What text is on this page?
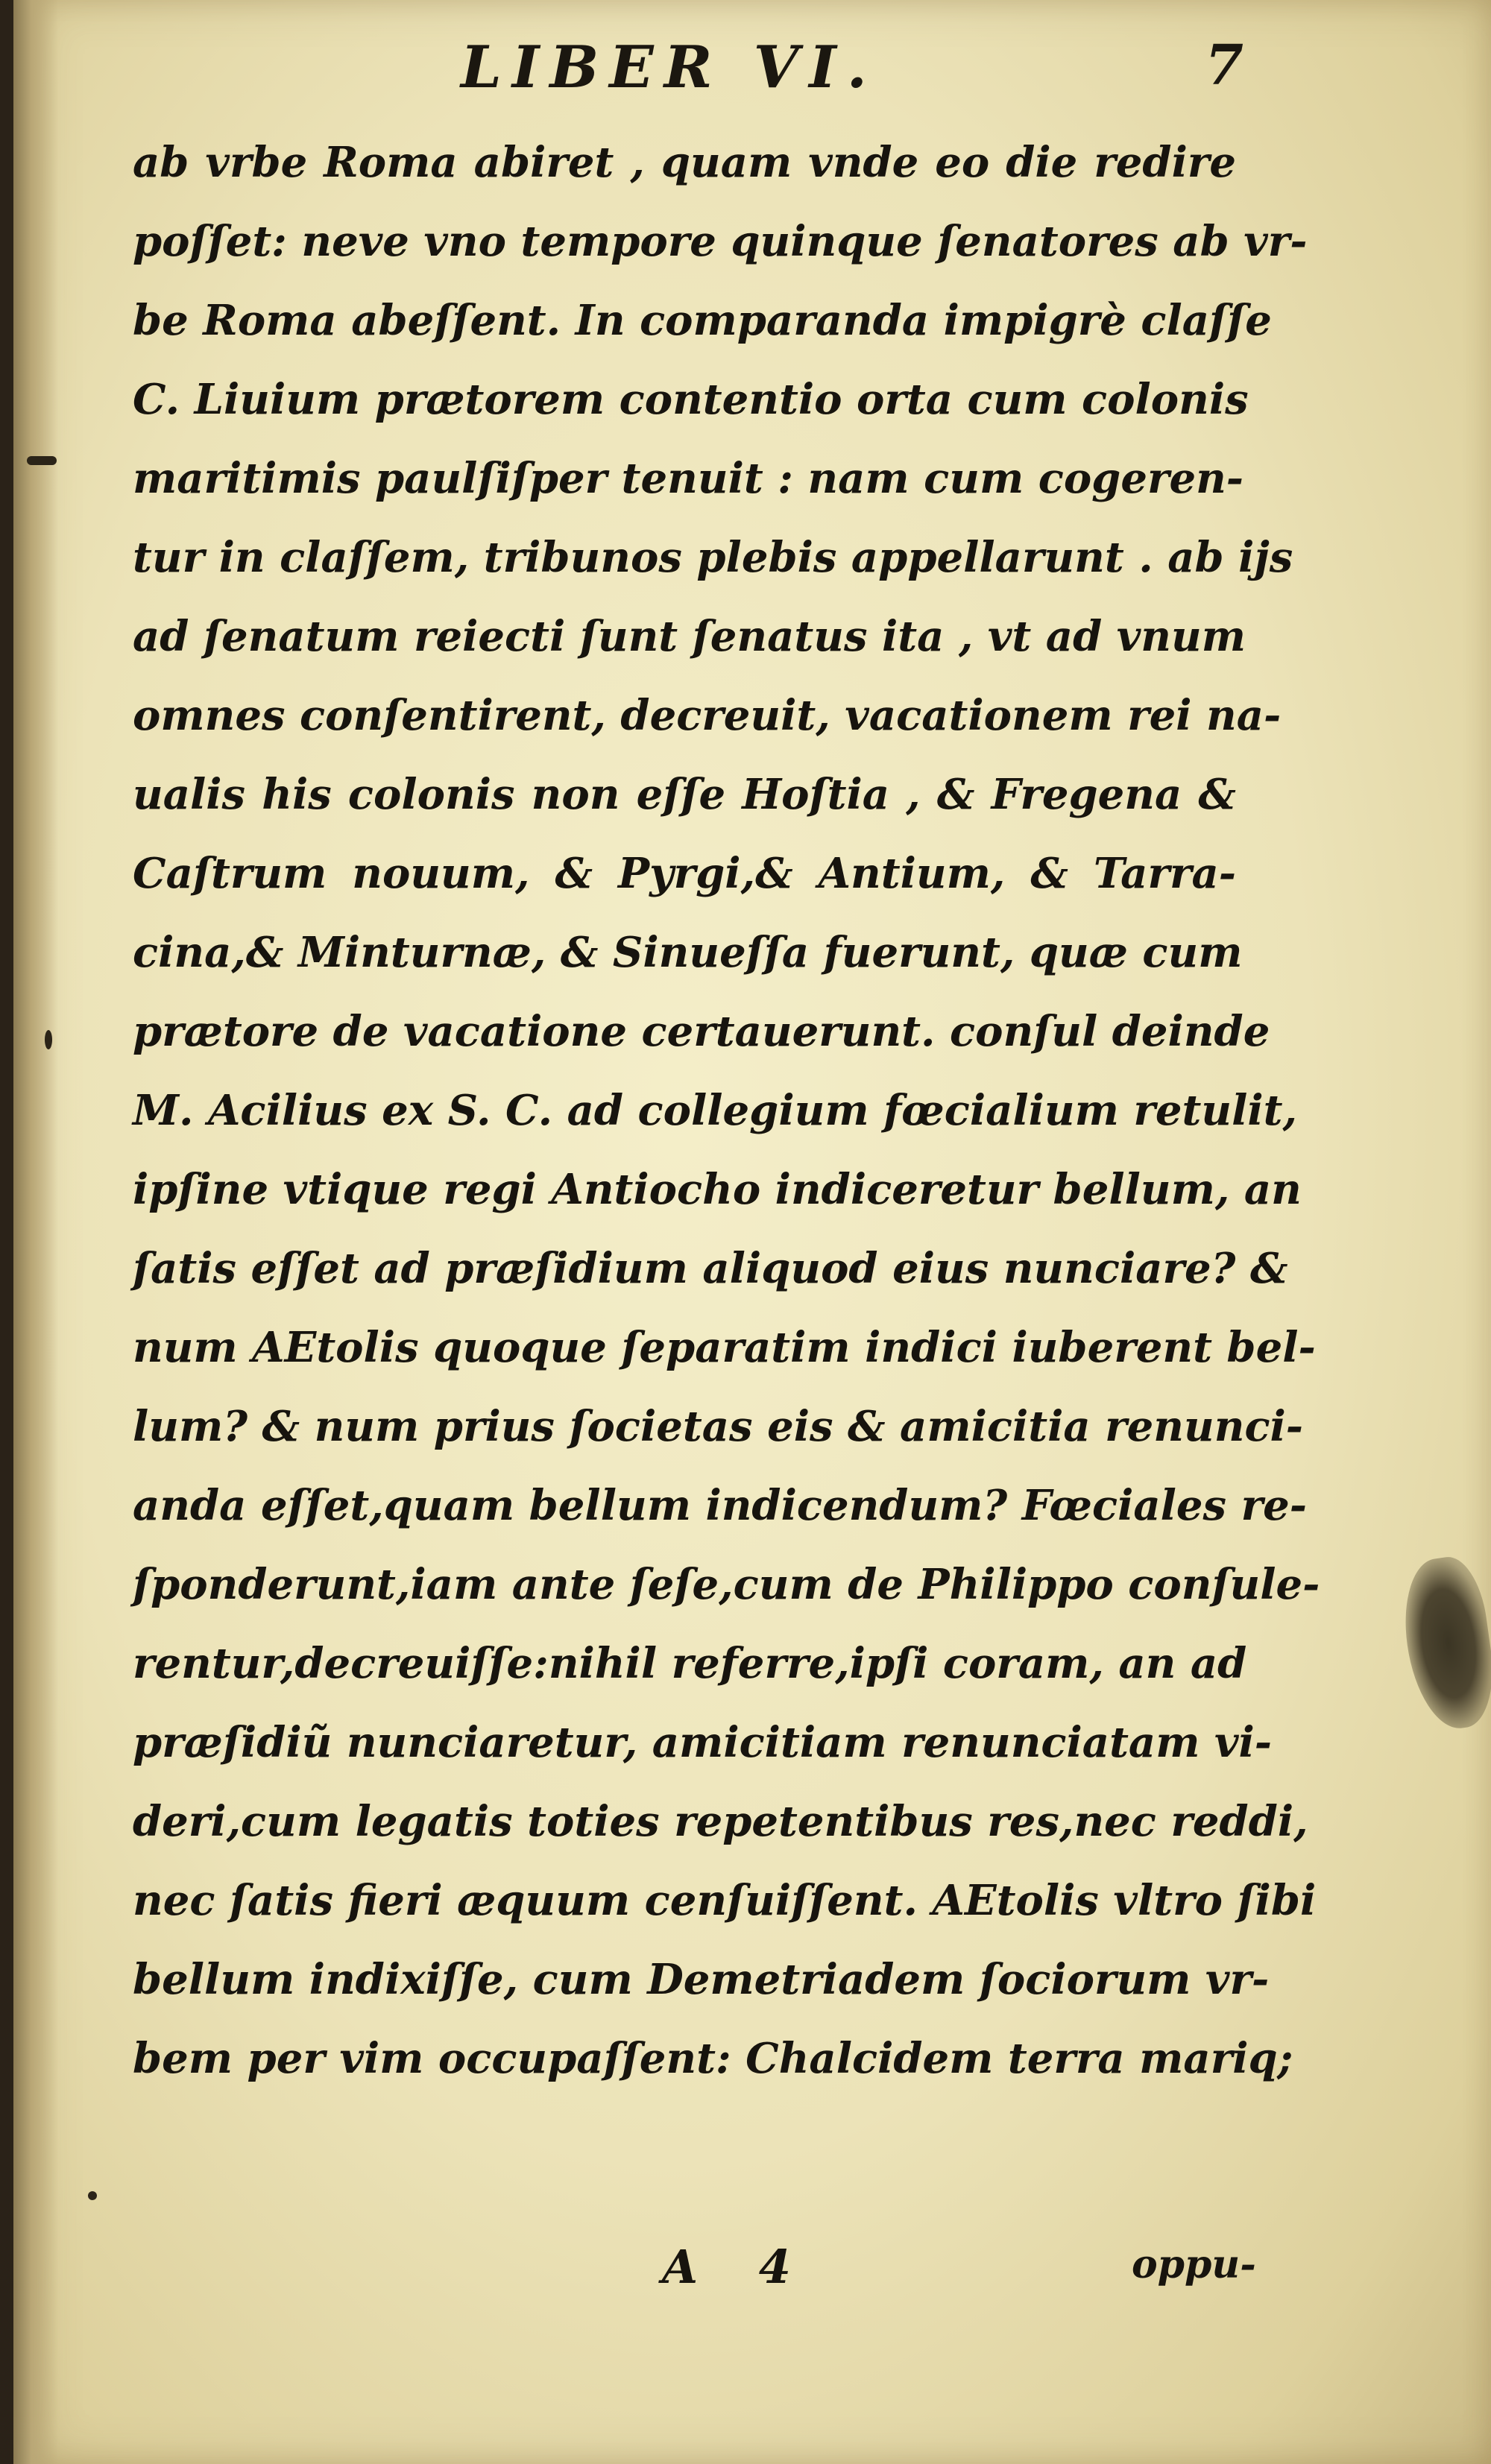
LIBER VI.	7
ab vrbe Roma abiret , quam vnde eo die redire
poſſet: neve vno tempore quinque ſenatores ab vr-
be Roma abeſſent. In comparanda impigrè claſſe
C. Liuium prætorem contentio orta cum colonis
maritimis paulſiſper tenuit : nam cum cogeren-
tur in claſſem, tribunos plebis appellarunt . ab ijs
ad ſenatum reiecti ſunt ſenatus ita , vt ad vnum
omnes conſentirent, decreuit, vacationem rei na-
ualis his colonis non eſſe Hoſtia , & Fregena &
Caſtrum nouum, & Pyrgi,& Antium, & Tarra-
cina,& Minturnæ, & Sinueſſa fuerunt, quæ cum
prætore de vacatione certauerunt. conſul deinde
M. Acilius ex S. C. ad collegium fœcialium retulit,
ipſine vtique regi Antiocho indiceretur bellum, an
ſatis eſſet ad præſidium aliquod eius nunciare? &
num AEtolis quoque ſeparatim indici iuberent bel-
lum? & num prius ſocietas eis & amicitia renunci-
anda eſſet,quam bellum indicendum? Fœciales re-
ſponderunt,iam ante ſeſe,cum de Philippo conſule-
rentur,decreuiſſe:nihil referre,ipſi coram, an ad
præſidiũ nunciaretur, amicitiam renunciatam vi-
deri,cum legatis toties repetentibus res,nec reddi,
nec ſatis fieri æquum cenſuiſſent. AEtolis vltro ſibi
bellum indixiſſe, cum Demetriadem ſociorum vr-
bem per vim occupaſſent: Chalcidem terra mariq;
A 4	oppu-
